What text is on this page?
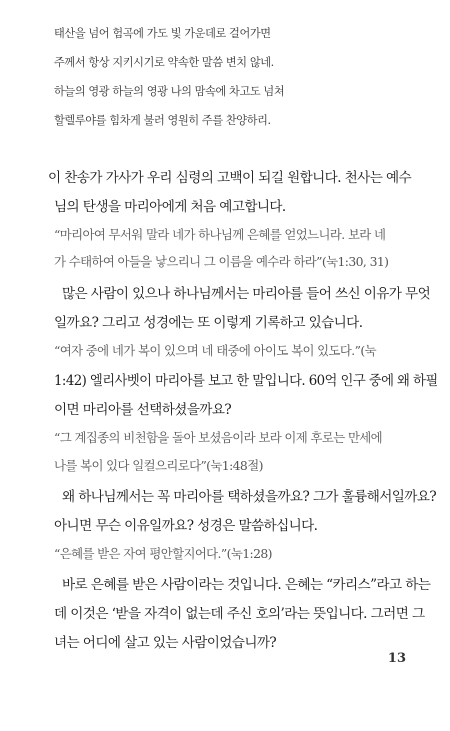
태산을 넘어 험곡에 가도 빛 가운데로 걸어가면
주께서 항상 지키시기로 약속한 말씀 변치 않네.
하늘의 영광 하늘의 영광 나의 맘속에 차고도 넘쳐
할렐루야를 힘차게 불러 영원히 주를 찬양하리.
이 찬송가 가사가 우리 심령의 고백이 되길 원합니다. 천사는 예수
님의 탄생을 마리아에게 처음 예고합니다.
“마리아여 무서워 말라 네가 하나님께 은혜를 얻었느니라. 보라 네
가 수태하여 아들을 낳으리니 그 이름을 예수라 하라”(눅1:30, 31)
많은 사람이 있으나 하나님께서는 마리아를 들어 쓰신 이유가 무엇
일까요? 그리고 성경에는 또 이렇게 기록하고 있습니다.
“여자 중에 네가 복이 있으며 네 태중에 아이도 복이 있도다.”(눅
1:42) 엘리사벳이 마리아를 보고 한 말입니다. 60억 인구 중에 왜 하필
이면 마리아를 선택하셨을까요?
“그 계집종의 비천함을 돌아 보셨음이라 보라 이제 후로는 만세에
나를 복이 있다 일컬으리로다”(눅1:48절)
왜 하나님께서는 꼭 마리아를 택하셨을까요? 그가 훌륭해서일까요?
아니면 무슨 이유일까요? 성경은 말씀하십니다.
“은혜를 받은 자여 평안할지어다.”(눅1:28)
바로 은혜를 받은 사람이라는 것입니다. 은혜는 “카리스”라고 하는
데 이것은 ‘받을 자격이 없는데 주신 호의’라는 뜻입니다. 그러면 그
녀는 어디에 살고 있는 사람이었습니까?
13
